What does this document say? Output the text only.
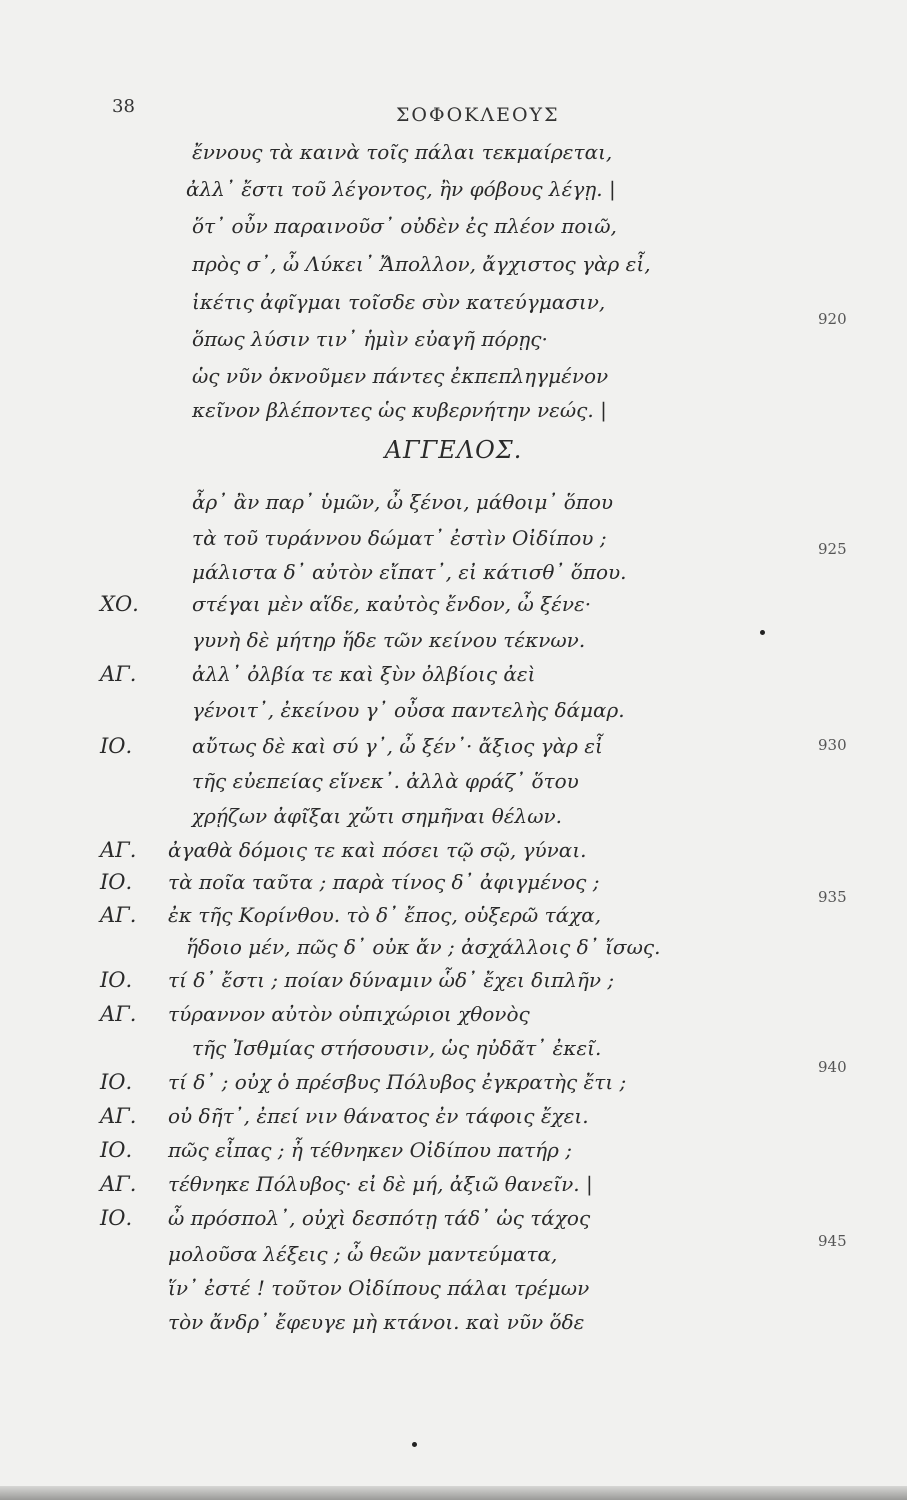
38	ΣΟΦΟΚΛΕΟΥΣ
ἔννους τὰ καινὰ τοῖς πάλαι τεκμαίρεται,
ἀλλ᾽ ἔστι τοῦ λέγοντος, ἢν φόβους λέγῃ. |
ὅτ᾽ οὖν παραινοῦσ᾽ οὐδὲν ἐς πλέον ποιῶ,
πρὸς σ᾽, ὦ Λύκει᾽ Ἄπολλον, ἄγχιστος γὰρ εἶ,
ἱκέτις ἀφῖγμαι τοῖσδε σὺν κατεύγμασιν,
920
ὅπως λύσιν τιν᾽ ἡμὶν εὐαγῆ πόρῃς·
ὡς νῦν ὀκνοῦμεν πάντες ἐκπεπληγμένον
κεῖνον βλέποντες ὡς κυβερνήτην νεώς. |
ΑΓΓΕΛΟΣ.
ἆρ᾽ ἂν παρ᾽ ὑμῶν, ὦ ξένοι, μάθοιμ᾽ ὅπου
τὰ τοῦ τυράννου δώματ᾽ ἐστὶν Οἰδίπου ;	925
μάλιστα δ᾽ αὐτὸν εἴπατ᾽, εἰ κάτισθ᾽ ὅπου.
ΧΟ.	στέγαι μὲν αἵδε, καὐτὸς ἔνδον, ὦ ξένε·
γυνὴ δὲ μήτηρ ἥδε τῶν κείνου τέκνων.
ΑΓ.	ἀλλ᾽ ὀλβία τε καὶ ξὺν ὀλβίοις ἀεὶ
γένοιτ᾽, ἐκείνου γ᾽ οὖσα παντελὴς δάμαρ.
930
ΙΟ.	αὔτως δὲ καὶ σύ γ᾽, ὦ ξέν᾽· ἄξιος γὰρ εἶ
τῆς εὐεπείας εἵνεκ᾽. ἀλλὰ φράζ᾽ ὅτου
χρῄζων ἀφῖξαι χὤτι σημῆναι θέλων.
ΑΓ. ἀγαθὰ δόμοις τε καὶ πόσει τῷ σῷ, γύναι.
ΙΟ. τὰ ποῖα ταῦτα ; παρὰ τίνος δ᾽ ἀφιγμένος ;
935
ΑΓ. ἐκ τῆς Κορίνθου. τὸ δ᾽ ἔπος, οὑξερῶ τάχα,
ἥδοιο μέν, πῶς δ᾽ οὐκ ἄν ; ἀσχάλλοις δ᾽ ἴσως.
ΙΟ. τί δ᾽ ἔστι ; ποίαν δύναμιν ὧδ᾽ ἔχει διπλῆν ;
ΑΓ. τύραννον αὐτὸν οὑπιχώριοι χθονὸς
τῆς Ἰσθμίας στήσουσιν, ὡς ηὐδᾶτ᾽ ἐκεῖ.
940
ΙΟ. τί δ᾽ ; οὐχ ὁ πρέσβυς Πόλυβος ἐγκρατὴς ἔτι ;
ΑΓ. οὐ δῆτ᾽, ἐπεί νιν θάνατος ἐν τάφοις ἔχει.
ΙΟ. πῶς εἶπας ; ἦ τέθνηκεν Οἰδίπου πατήρ ;
ΑΓ. τέθνηκε Πόλυβος· εἰ δὲ μή, ἀξιῶ θανεῖν. |
ΙΟ. ὦ πρόσπολ᾽, οὐχὶ δεσπότῃ τάδ᾽ ὡς τάχος
945
μολοῦσα λέξεις ; ὦ θεῶν μαντεύματα,
ἵν᾽ ἐστέ ! τοῦτον Οἰδίπους πάλαι τρέμων
τὸν ἄνδρ᾽ ἔφευγε μὴ κτάνοι. καὶ νῦν ὅδε
